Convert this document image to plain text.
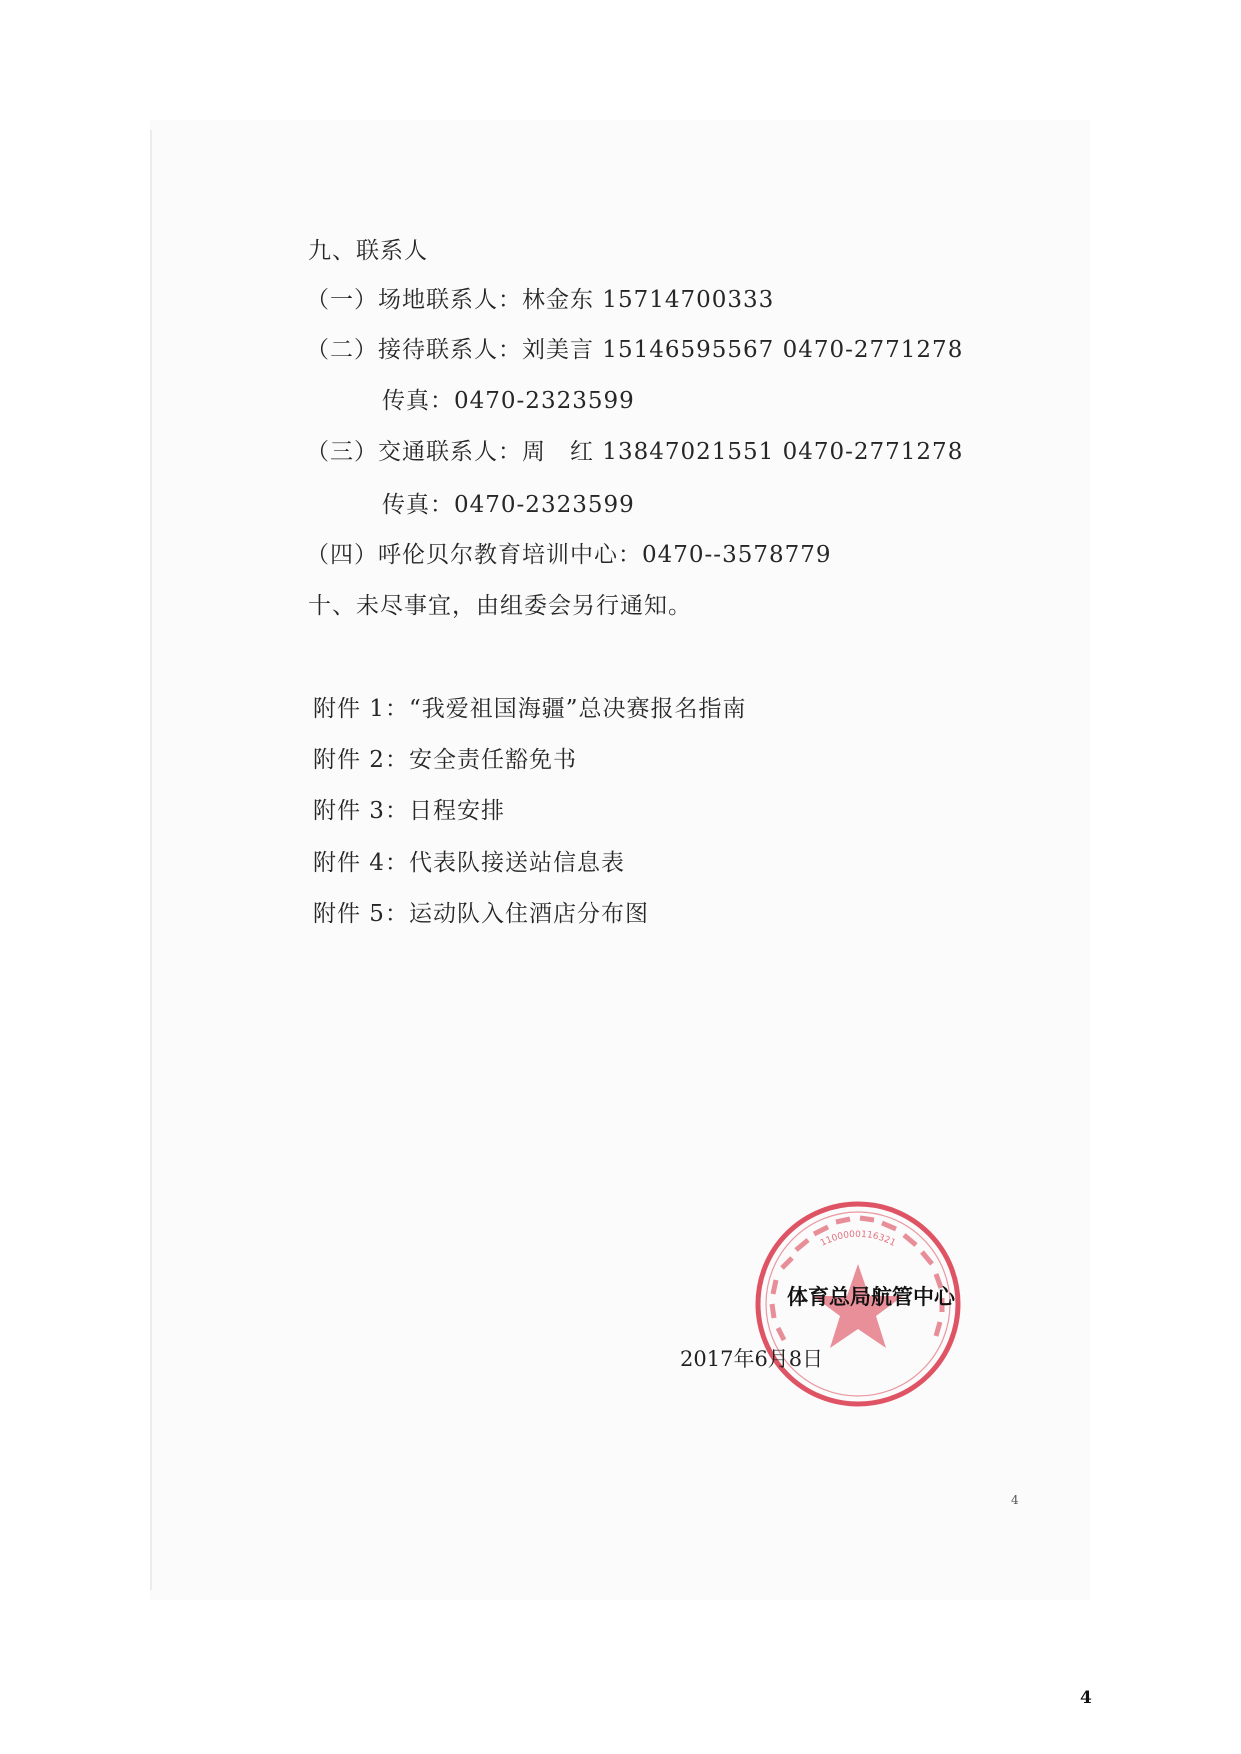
九、联系人
（一）场地联系人：林金东 15714700333
（二）接待联系人：刘美言 15146595567 0470-2771278
传真：0470-2323599
（三）交通联系人：周　红 13847021551 0470-2771278
传真：0470-2323599
（四）呼伦贝尔教育培训中心：0470--3578779
十、未尽事宜，由组委会另行通知。
附件 1：“我爱祖国海疆”总决赛报名指南
附件 2：安全责任豁免书
附件 3：日程安排
附件 4：代表队接送站信息表
附件 5：运动队入住酒店分布图
1100000116321
体育总局航管中心
2017年6月8日
4
4
